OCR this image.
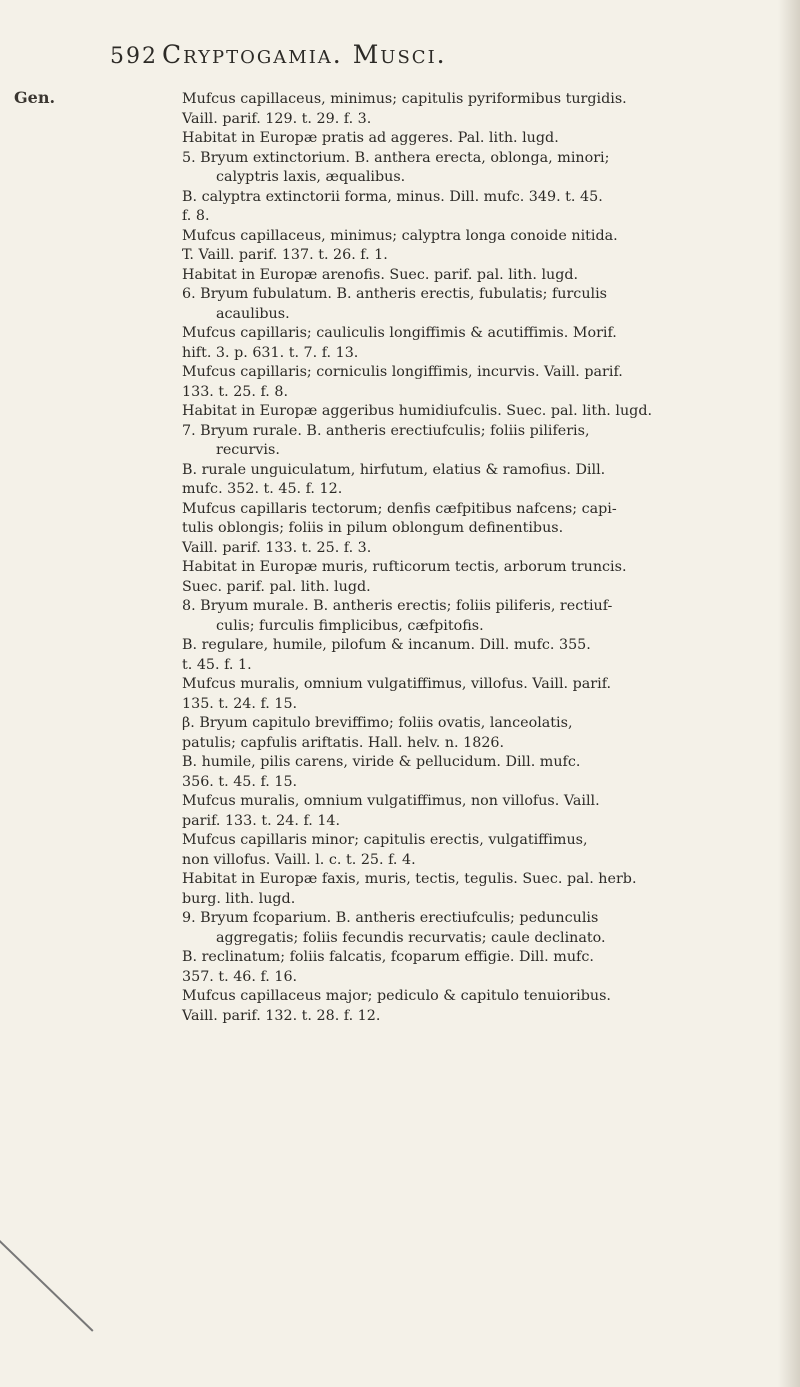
Gen.
592 Cryptogamia. Musci.
Mufcus capillaceus, minimus; capitulis pyriformibus turgidis.
Vaill. parif. 129. t. 29. f. 3.
Habitat in Europæ pratis ad aggeres. Pal. lith. lugd.
5. Bryum extinctorium. B. anthera erecta, oblonga, minori;
calyptris laxis, æqualibus.
B. calyptra extinctorii forma, minus. Dill. mufc. 349. t. 45.
f. 8.
Mufcus capillaceus, minimus; calyptra longa conoide nitida.
T. Vaill. parif. 137. t. 26. f. 1.
Habitat in Europæ arenofis. Suec. parif. pal. lith. lugd.
6. Bryum fubulatum. B. antheris erectis, fubulatis; furculis
acaulibus.
Mufcus capillaris; cauliculis longiffimis & acutiffimis. Morif.
hift. 3. p. 631. t. 7. f. 13.
Mufcus capillaris; corniculis longiffimis, incurvis. Vaill. parif.
133. t. 25. f. 8.
Habitat in Europæ aggeribus humidiufculis. Suec. pal. lith. lugd.
7. Bryum rurale. B. antheris erectiufculis; foliis piliferis,
recurvis.
B. rurale unguiculatum, hirfutum, elatius & ramofius. Dill.
mufc. 352. t. 45. f. 12.
Mufcus capillaris tectorum; denfis cæfpitibus nafcens; capi-
tulis oblongis; foliis in pilum oblongum definentibus.
Vaill. parif. 133. t. 25. f. 3.
Habitat in Europæ muris, rufticorum tectis, arborum truncis.
Suec. parif. pal. lith. lugd.
8. Bryum murale. B. antheris erectis; foliis piliferis, rectiuf-
culis; furculis fimplicibus, cæfpitofis.
B. regulare, humile, pilofum & incanum. Dill. mufc. 355.
t. 45. f. 1.
Mufcus muralis, omnium vulgatiffimus, villofus. Vaill. parif.
135. t. 24. f. 15.
β. Bryum capitulo breviffimo; foliis ovatis, lanceolatis,
patulis; capfulis ariftatis. Hall. helv. n. 1826.
B. humile, pilis carens, viride & pellucidum. Dill. mufc.
356. t. 45. f. 15.
Mufcus muralis, omnium vulgatiffimus, non villofus. Vaill.
parif. 133. t. 24. f. 14.
Mufcus capillaris minor; capitulis erectis, vulgatiffimus,
non villofus. Vaill. l. c. t. 25. f. 4.
Habitat in Europæ faxis, muris, tectis, tegulis. Suec. pal. herb.
burg. lith. lugd.
9. Bryum fcoparium. B. antheris erectiufculis; pedunculis
aggregatis; foliis fecundis recurvatis; caule declinato.
B. reclinatum; foliis falcatis, fcoparum effigie. Dill. mufc.
357. t. 46. f. 16.
Mufcus capillaceus major; pediculo & capitulo tenuioribus.
Vaill. parif. 132. t. 28. f. 12.
